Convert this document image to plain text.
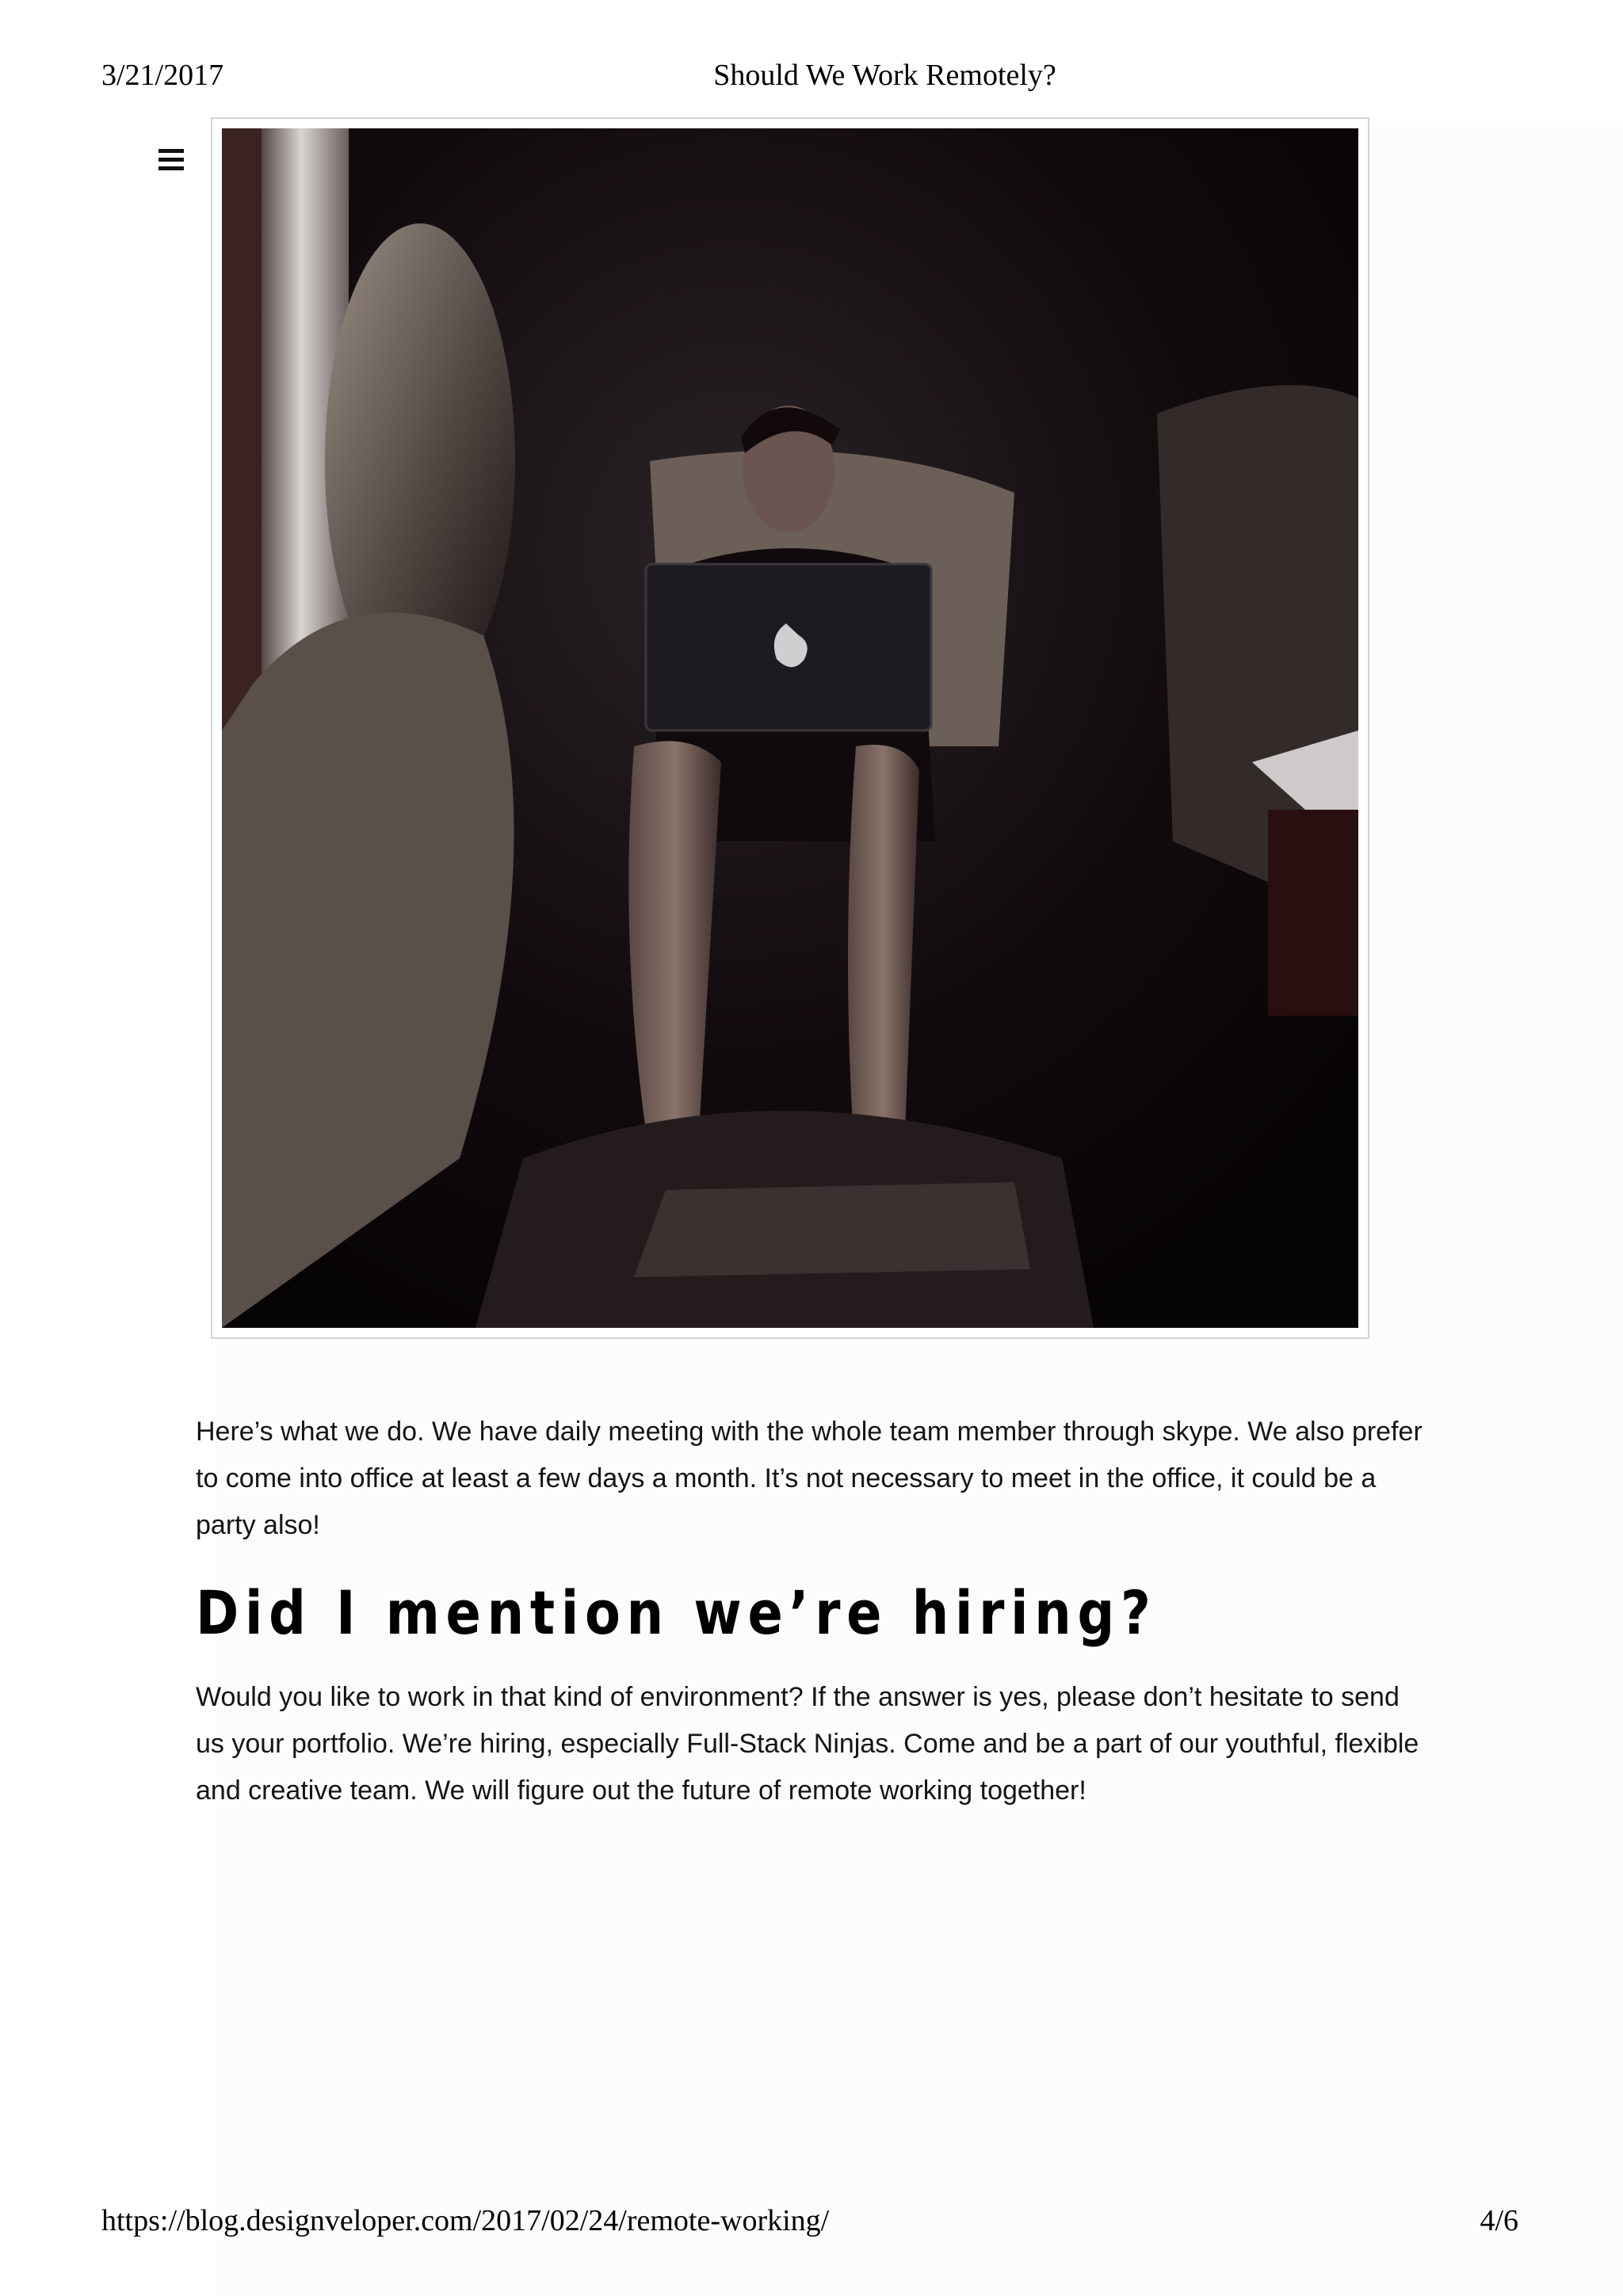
3/21/2017	Should We Work Remotely?

Here’s what we do. We have daily meeting with the whole team member through skype. We also prefer to come into office at least a few days a month. It’s not necessary to meet in the office, it could be a party also!

Did I mention we’re hiring?

Would you like to work in that kind of environment? If the answer is yes, please don’t hesitate to send us your portfolio. We’re hiring, especially Full-Stack Ninjas. Come and be a part of our youthful, flexible and creative team. We will figure out the future of remote working together!

https://blog.designveloper.com/2017/02/24/remote-working/	4/6
